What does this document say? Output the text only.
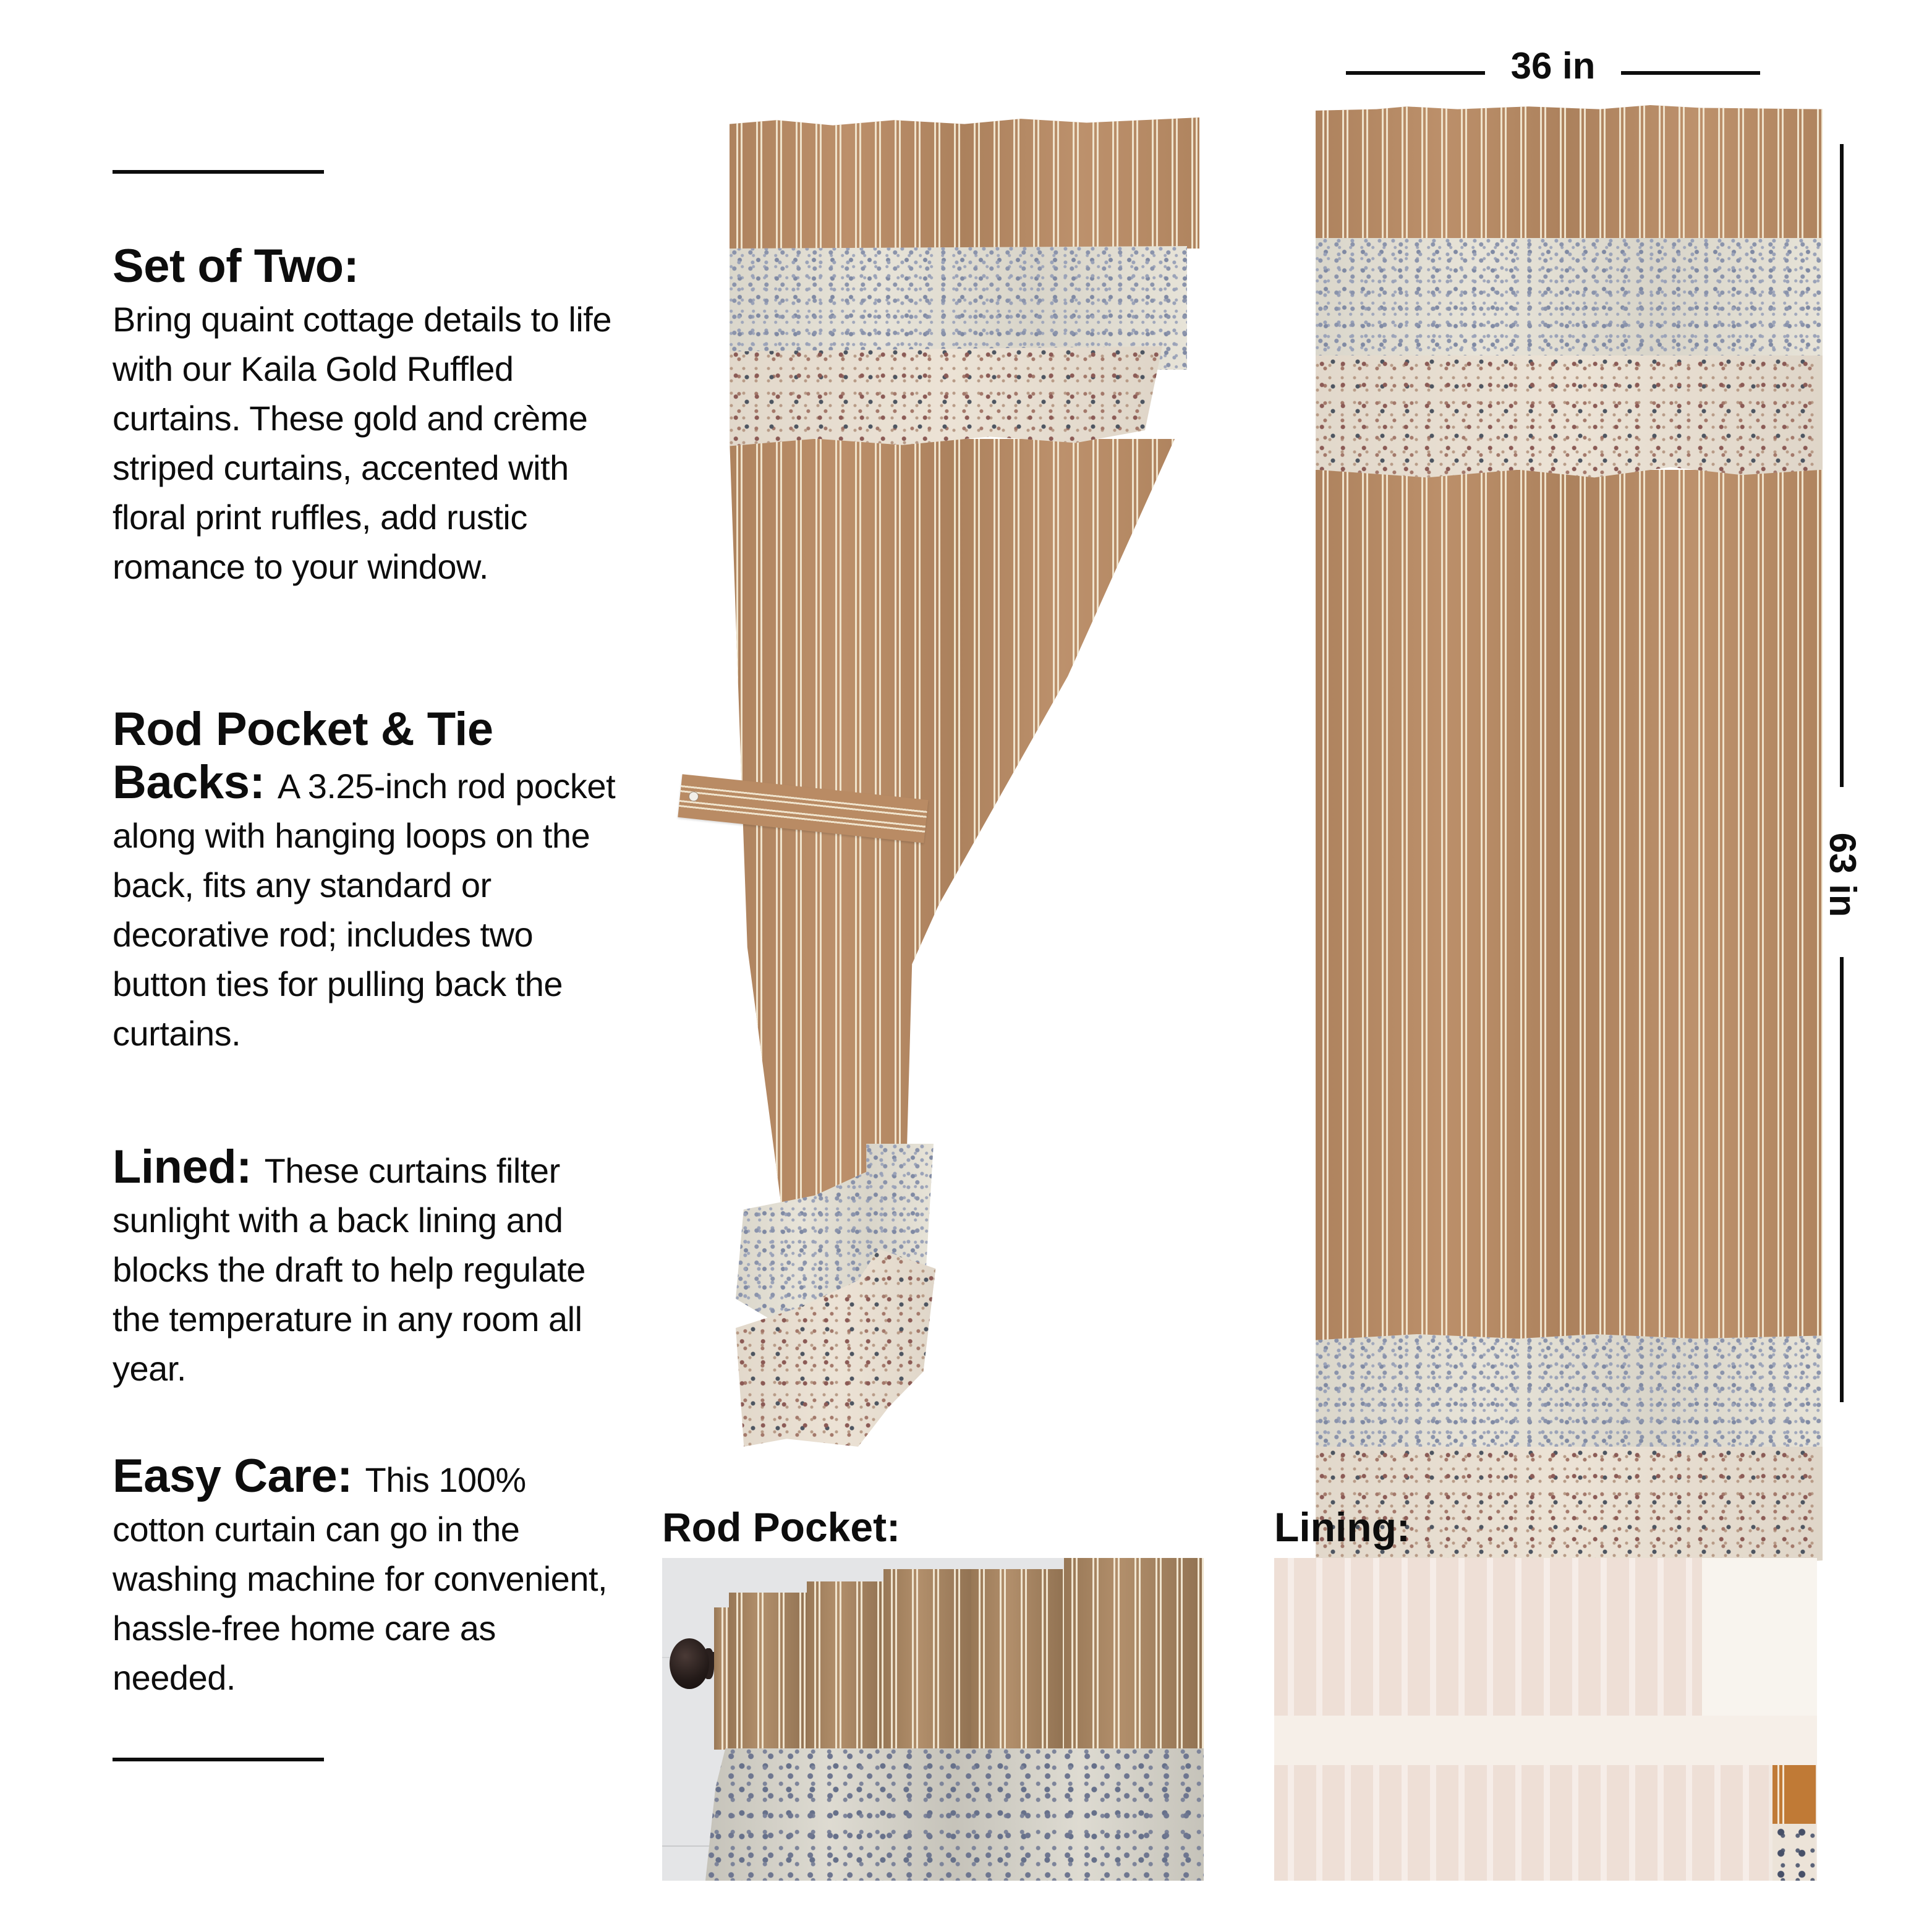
Set of Two:
Bring quaint cottage details to life with our Kaila Gold Ruffled curtains. These gold and crème striped curtains, accented with floral print ruffles, add rustic romance to your window.
Rod Pocket & Tie Backs: A 3.25-inch rod pocket along with hanging loops on the back, fits any standard or decorative rod; includes two button ties for pulling back the curtains.
Lined: These curtains filter sunlight with a back lining and blocks the draft to help regulate the temperature in any room all year.
Easy Care: This 100% cotton curtain can go in the washing machine for convenient, hassle-free home care as needed.
36 in
63 in
Rod Pocket:	Lining:
